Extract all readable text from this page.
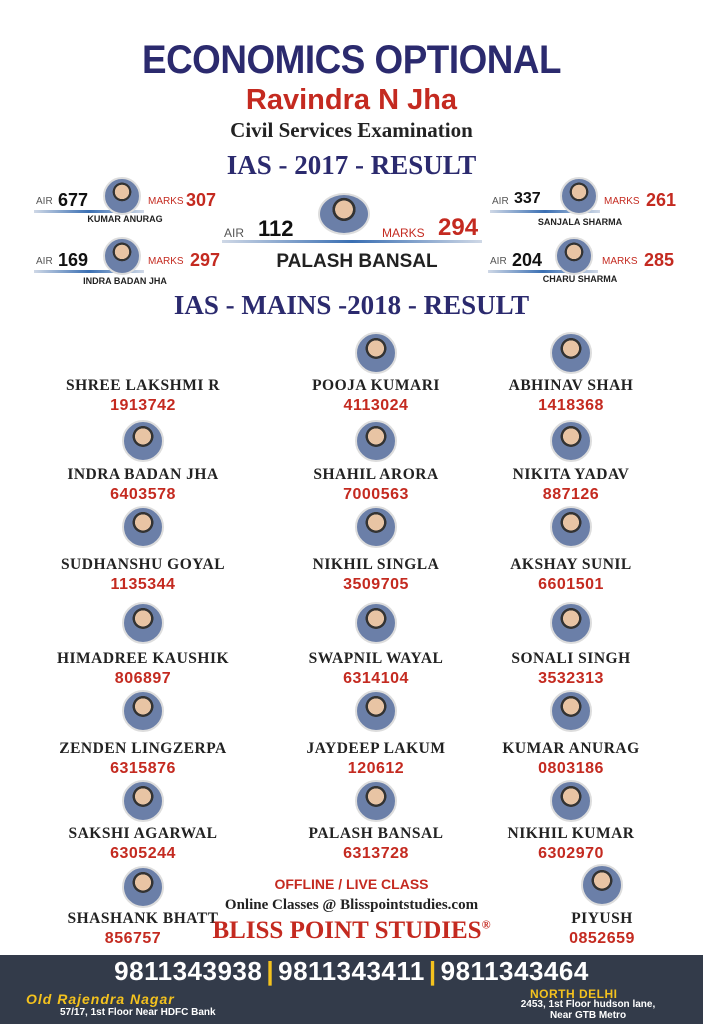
ECONOMICS OPTIONAL
Ravindra N Jha
Civil Services Examination
IAS - 2017 - RESULT
AIR 677	MARKS 307
KUMAR ANURAG
AIR 169	MARKS 297
INDRA BADAN JHA
AIR 112	MARKS 294
PALASH BANSAL
AIR 337	MARKS 261
SANJALA SHARMA
AIR 204	MARKS 285
CHARU SHARMA
IAS - MAINS -2018 - RESULT
SHREE LAKSHMI R
1913742
POOJA KUMARI
4113024
ABHINAV SHAH
1418368
INDRA BADAN JHA
6403578
SHAHIL ARORA
7000563
NIKITA YADAV
887126
SUDHANSHU GOYAL
1135344
NIKHIL SINGLA
3509705
AKSHAY SUNIL
6601501
HIMADREE KAUSHIK
806897
SWAPNIL WAYAL
6314104
SONALI SINGH
3532313
ZENDEN LINGZERPA
6315876
JAYDEEP LAKUM
120612
KUMAR ANURAG
0803186
SAKSHI AGARWAL
6305244
PALASH BANSAL
6313728
NIKHIL KUMAR
6302970
SHASHANK BHATT
856757
PIYUSH
0852659
OFFLINE / LIVE CLASS
Online Classes @ Blisspointstudies.com
BLISS POINT STUDIES®
9811343938 | 9811343411 | 9811343464
Old Rajendra Nagar
57/17, 1st Floor Near HDFC Bank
NORTH DELHI
2453, 1st Floor hudson lane,
Near GTB Metro
